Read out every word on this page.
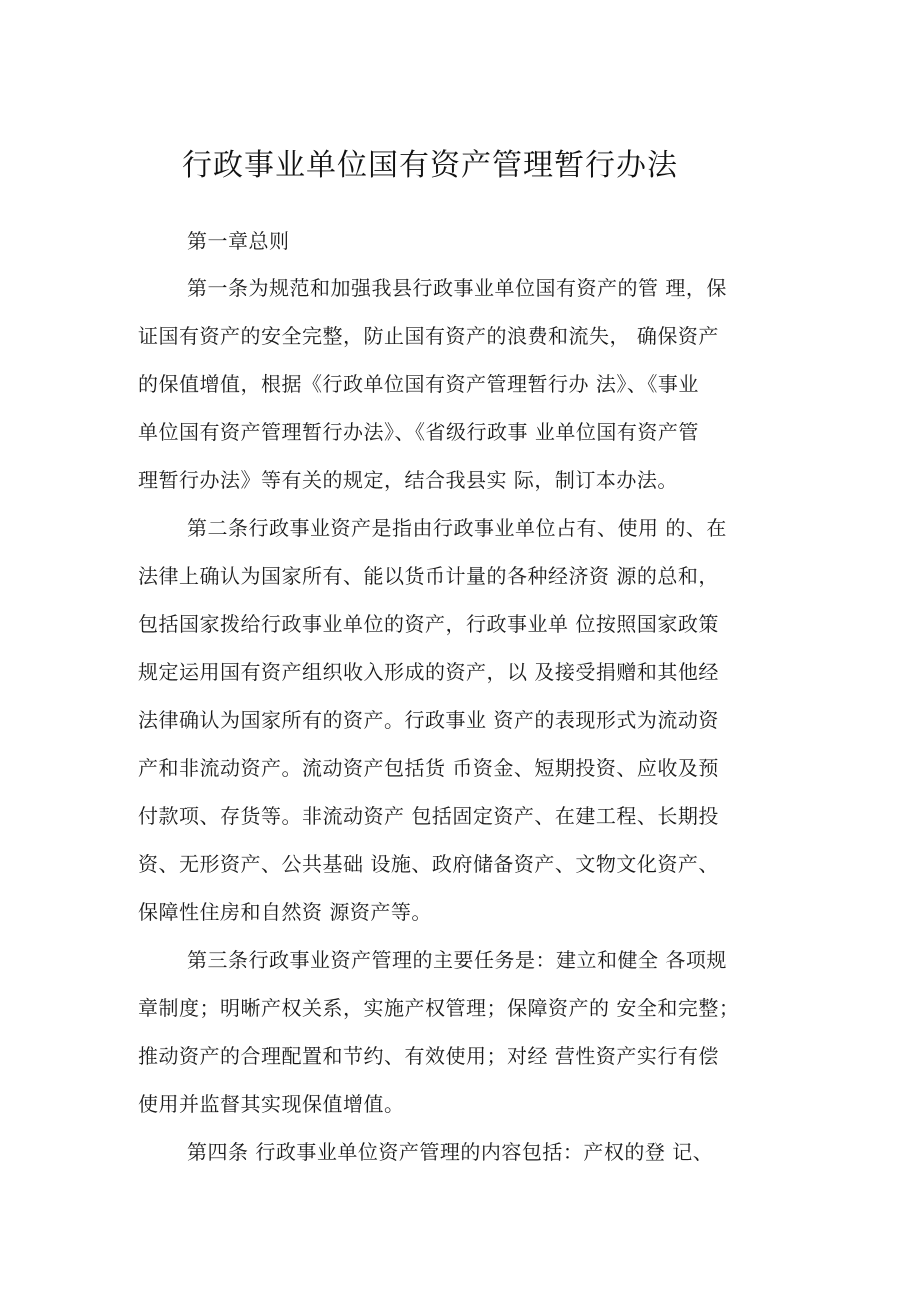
行政事业单位国有资产管理暂行办法
第一章总则
第一条为规范和加强我县行政事业单位国有资产的管 理，保
证国有资产的安全完整，防止国有资产的浪费和流失， 确保资产
的保值增值，根据《行政单位国有资产管理暂行办 法》、《事业
单位国有资产管理暂行办法》、《省级行政事 业单位国有资产管
理暂行办法》等有关的规定，结合我县实 际，制订本办法。
第二条行政事业资产是指由行政事业单位占有、使用 的、在
法律上确认为国家所有、能以货币计量的各种经济资 源的总和，
包括国家拨给行政事业单位的资产，行政事业单 位按照国家政策
规定运用国有资产组织收入形成的资产，以 及接受捐赠和其他经
法律确认为国家所有的资产。行政事业 资产的表现形式为流动资
产和非流动资产。流动资产包括货 币资金、短期投资、应收及预
付款项、存货等。非流动资产 包括固定资产、在建工程、长期投
资、无形资产、公共基础 设施、政府储备资产、文物文化资产、
保障性住房和自然资 源资产等。
第三条行政事业资产管理的主要任务是：建立和健全 各项规
章制度；明晰产权关系，实施产权管理；保障资产的 安全和完整；
推动资产的合理配置和节约、有效使用；对经 营性资产实行有偿
使用并监督其实现保值增值。
第四条 行政事业单位资产管理的内容包括：产权的登 记、
